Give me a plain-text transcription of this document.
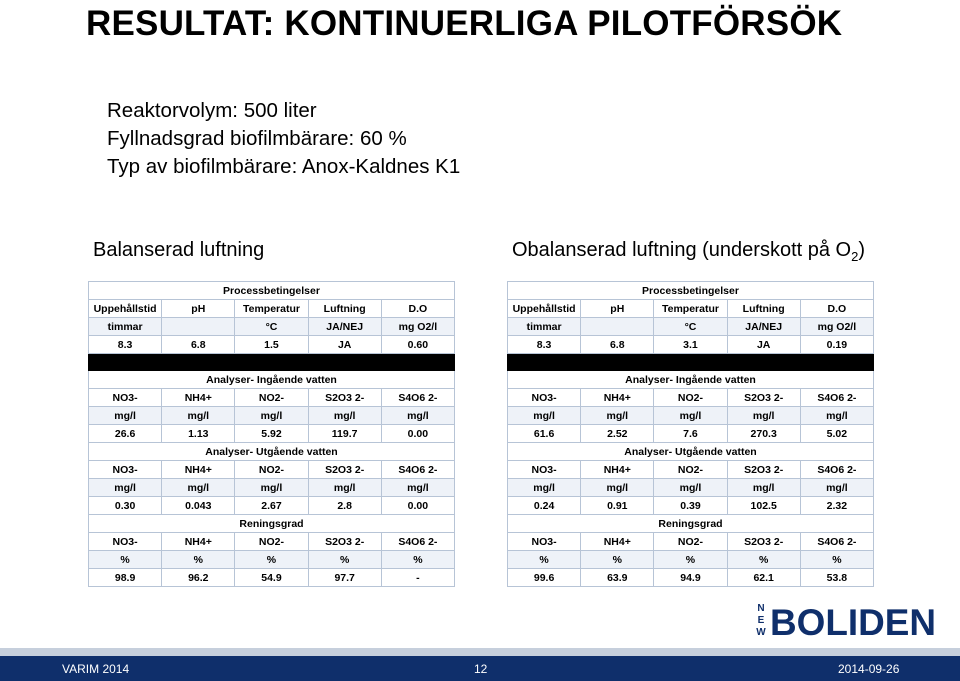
RESULTAT: KONTINUERLIGA PILOTFÖRSÖK
Reaktorvolym: 500 liter
Fyllnadsgrad biofilmbärare: 60 %
Typ av biofilmbärare: Anox-Kaldnes K1
Balanserad luftning	Obalanserad luftning (underskott på $O_2$)
Processbetingelser				
Uppehållstid	pH	Temperatur	Luftning	D.O
timmar		°C	JA/NEJ	mg O2/l
8.3	6.8	1.5	JA	0.60

Analyser- Ingående vatten				
NO3-	NH4+	NO2-	S2O3 2-	S4O6 2-
mg/l	mg/l	mg/l	mg/l	mg/l
26.6	1.13	5.92	119.7	0.00
Analyser- Utgående vatten				
NO3-	NH4+	NO2-	S2O3 2-	S4O6 2-
mg/l	mg/l	mg/l	mg/l	mg/l
0.30	0.043	2.67	2.8	0.00
Reningsgrad				
NO3-	NH4+	NO2-	S2O3 2-	S4O6 2-
%	%	%	%	%
98.9	96.2	54.9	97.7	-
Processbetingelser				
Uppehållstid	pH	Temperatur	Luftning	D.O
timmar		°C	JA/NEJ	mg O2/l
8.3	6.8	3.1	JA	0.19

Analyser- Ingående vatten				
NO3-	NH4+	NO2-	S2O3 2-	S4O6 2-
mg/l	mg/l	mg/l	mg/l	mg/l
61.6	2.52	7.6	270.3	5.02
Analyser- Utgående vatten				
NO3-	NH4+	NO2-	S2O3 2-	S4O6 2-
mg/l	mg/l	mg/l	mg/l	mg/l
0.24	0.91	0.39	102.5	2.32
Reningsgrad				
NO3-	NH4+	NO2-	S2O3 2-	S4O6 2-
%	%	%	%	%
99.6	63.9	94.9	62.1	53.8
N
E
W BOLIDEN
VARIM 2014	12	2014-09-26
